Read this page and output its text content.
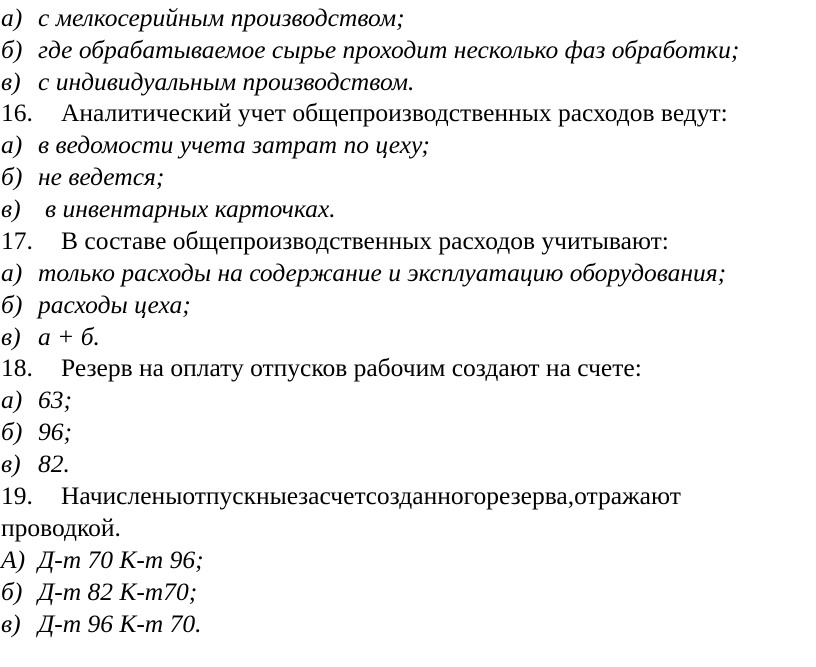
а) с мелкосерийным производством;
б) где обрабатываемое сырье проходит несколько фаз обработки;
в) с индивидуальным производством.
16. Аналитический учет общепроизводственных расходов ведут:
а) в ведомости учета затрат по цеху;
б) не ведется;
в) в инвентарных карточках.
17. В составе общепроизводственных расходов учитывают:
а) только расходы на содержание и эксплуатацию оборудования;
б) расходы цеха;
в) а + б.
18. Резерв на оплату отпусков рабочим создают на счете:
а) 63;
б) 96;
в) 82.
19. Начислены отпускные за счет созданного резерва, отражают
проводкой.
А) Д-т 70 К-т 96;
б) Д-т 82 К-т70;
в) Д-т 96 К-т 70.
